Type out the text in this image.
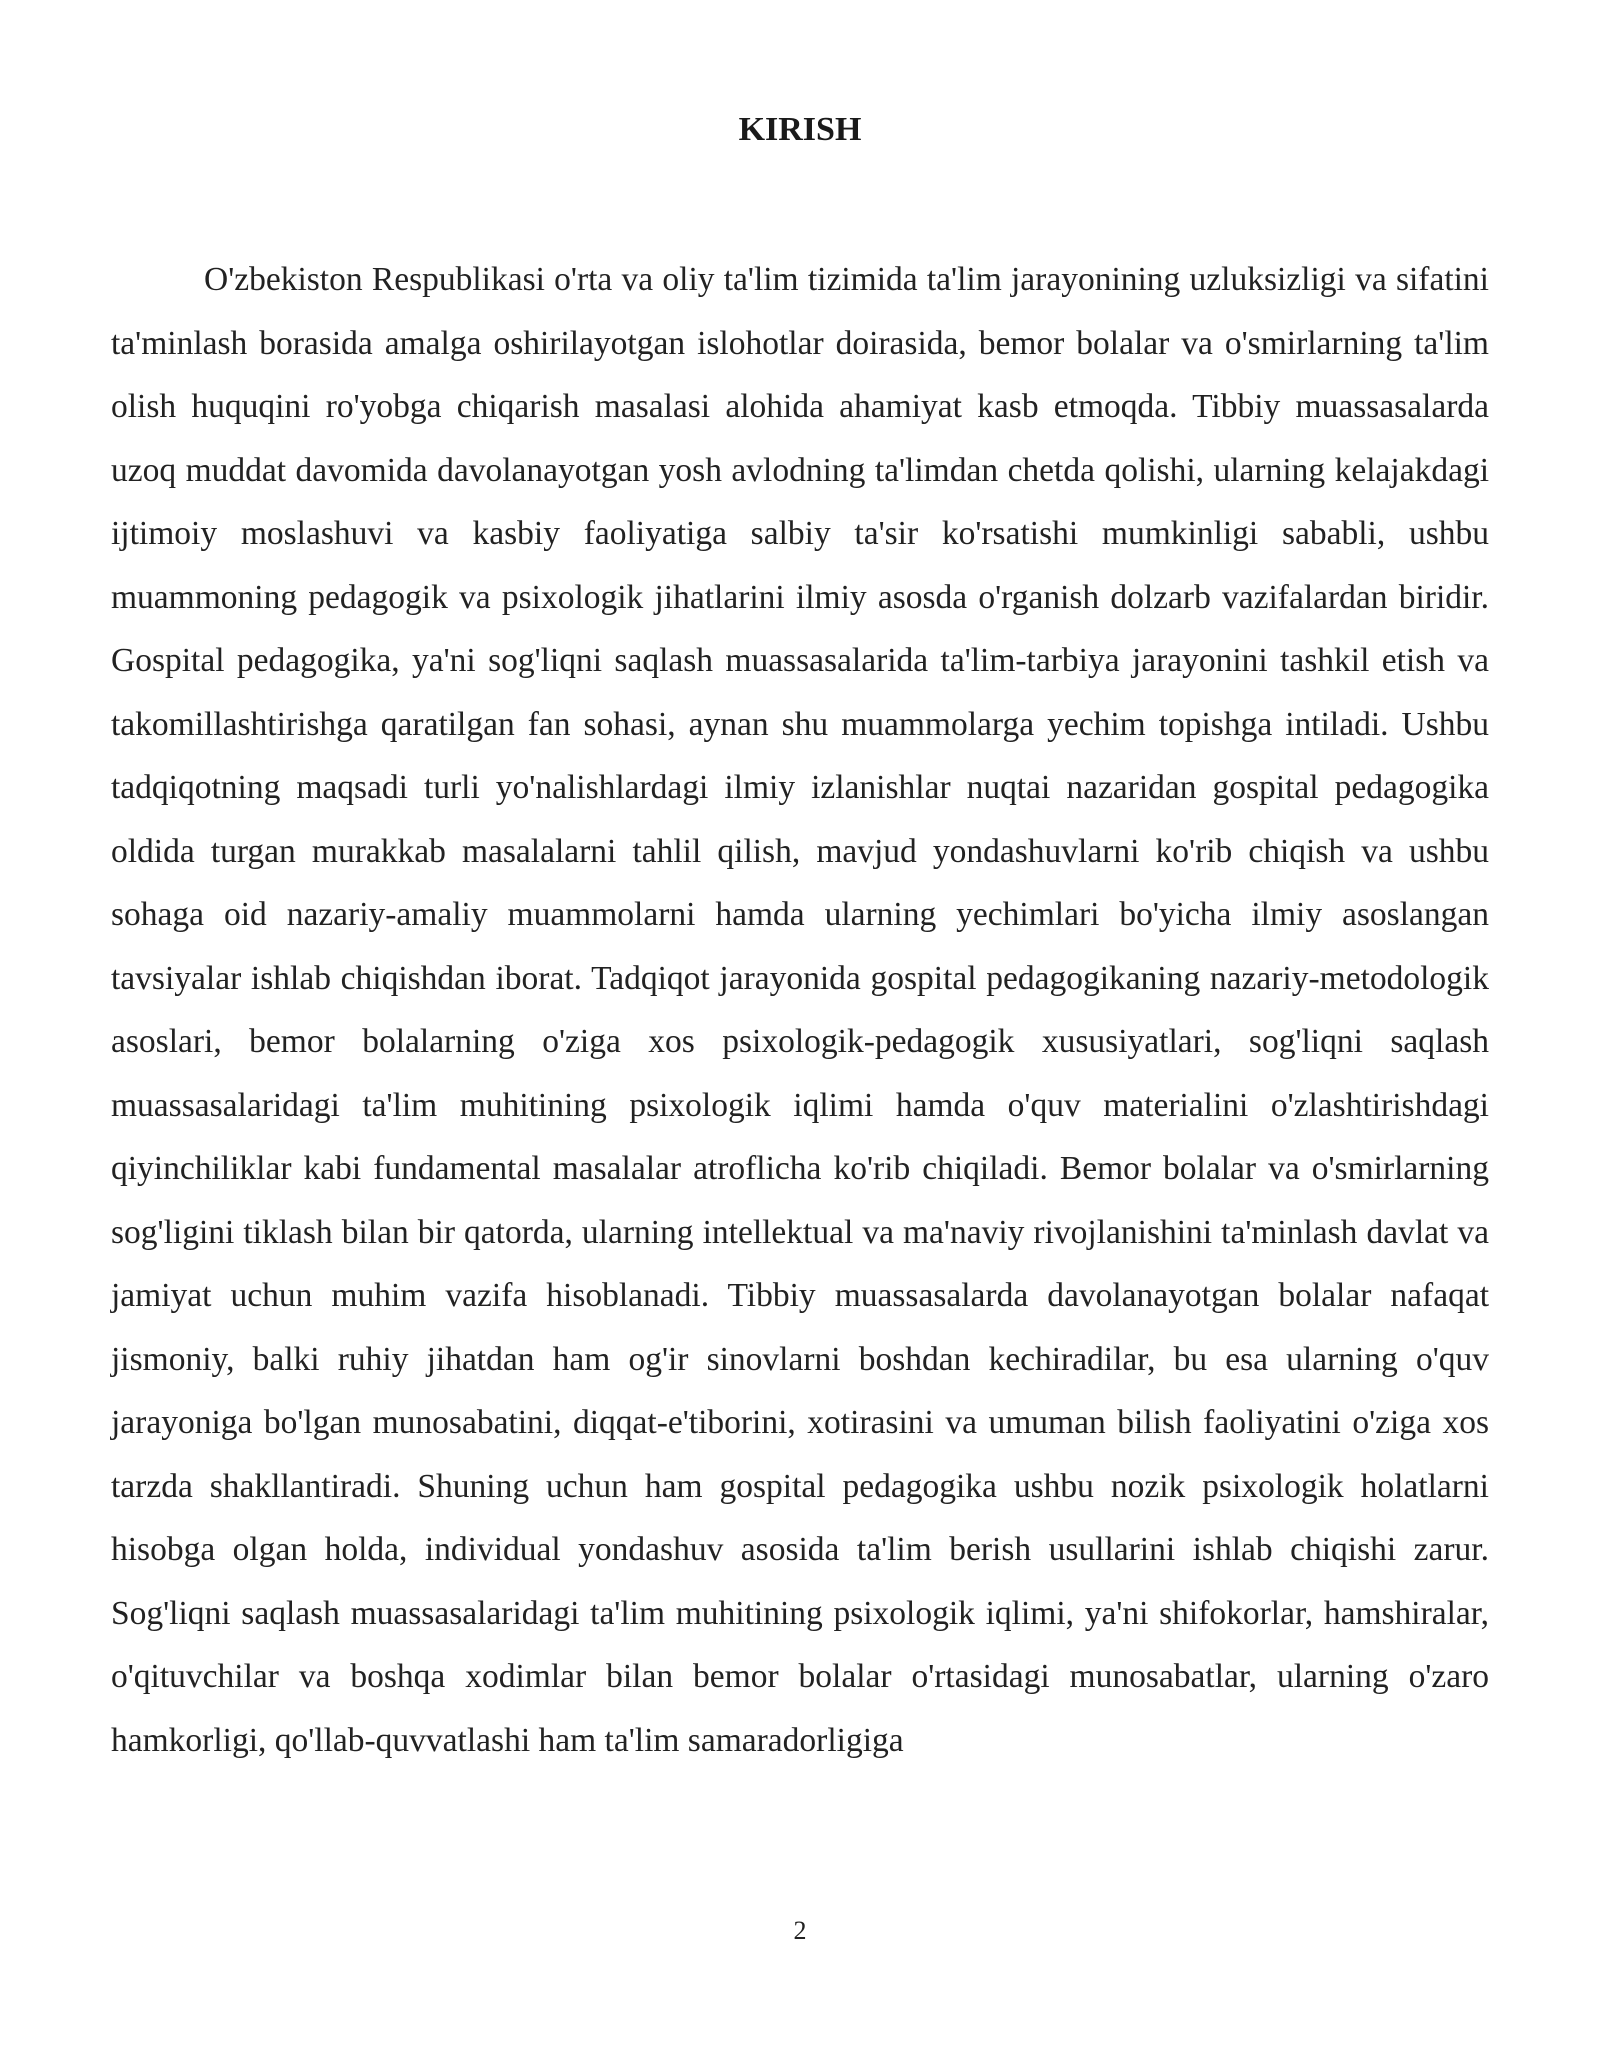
KIRISH

O'zbekiston Respublikasi o'rta va oliy ta'lim tizimida ta'lim jarayonining uzluksizligi va sifatini ta'minlash borasida amalga oshirilayotgan islohotlar doirasida, bemor bolalar va o'smirlarning ta'lim olish huquqini ro'yobga chiqarish masalasi alohida ahamiyat kasb etmoqda. Tibbiy muassasalarda uzoq muddat davomida davolanayotgan yosh avlodning ta'limdan chetda qolishi, ularning kelajakdagi ijtimoiy moslashuvi va kasbiy faoliyatiga salbiy ta'sir ko'rsatishi mumkinligi sababli, ushbu muammoning pedagogik va psixologik jihatlarini ilmiy asosda o'rganish dolzarb vazifalardan biridir. Gospital pedagogika, ya'ni sog'liqni saqlash muassasalarida ta'lim-tarbiya jarayonini tashkil etish va takomillashtirishga qaratilgan fan sohasi, aynan shu muammolarga yechim topishga intiladi. Ushbu tadqiqotning maqsadi turli yo'nalishlardagi ilmiy izlanishlar nuqtai nazaridan gospital pedagogika oldida turgan murakkab masalalarni tahlil qilish, mavjud yondashuvlarni ko'rib chiqish va ushbu sohaga oid nazariy-amaliy muammolarni hamda ularning yechimlari bo'yicha ilmiy asoslangan tavsiyalar ishlab chiqishdan iborat. Tadqiqot jarayonida gospital pedagogikaning nazariy-metodologik asoslari, bemor bolalarning o'ziga xos psixologik-pedagogik xususiyatlari, sog'liqni saqlash muassasalaridagi ta'lim muhitining psixologik iqlimi hamda o'quv materialini o'zlashtirishdagi qiyinchiliklar kabi fundamental masalalar atroflicha ko'rib chiqiladi. Bemor bolalar va o'smirlarning sog'ligini tiklash bilan bir qatorda, ularning intellektual va ma'naviy rivojlanishini ta'minlash davlat va jamiyat uchun muhim vazifa hisoblanadi. Tibbiy muassasalarda davolanayotgan bolalar nafaqat jismoniy, balki ruhiy jihatdan ham og'ir sinovlarni boshdan kechiradilar, bu esa ularning o'quv jarayoniga bo'lgan munosabatini, diqqat-e'tiborini, xotirasini va umuman bilish faoliyatini o'ziga xos tarzda shakllantiradi. Shuning uchun ham gospital pedagogika ushbu nozik psixologik holatlarni hisobga olgan holda, individual yondashuv asosida ta'lim berish usullarini ishlab chiqishi zarur. Sog'liqni saqlash muassasalaridagi ta'lim muhitining psixologik iqlimi, ya'ni shifokorlar, hamshiralar, o'qituvchilar va boshqa xodimlar bilan bemor bolalar o'rtasidagi munosabatlar, ularning o'zaro hamkorligi, qo'llab-quvvatlashi ham ta'lim samaradorligiga

2
